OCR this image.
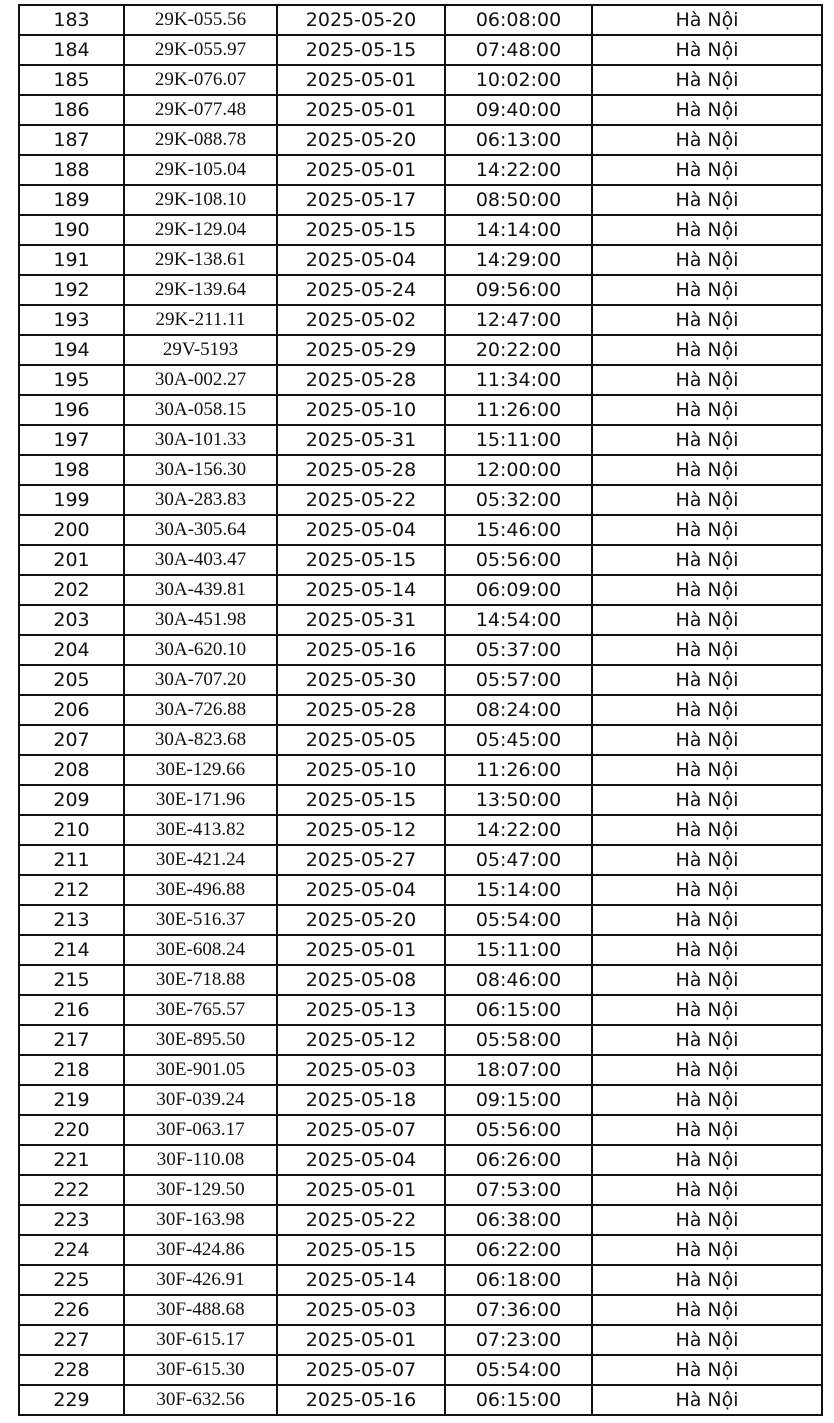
183	29K-055.56	2025-05-20	06:08:00	Hà Nội
184	29K-055.97	2025-05-15	07:48:00	Hà Nội
185	29K-076.07	2025-05-01	10:02:00	Hà Nội
186	29K-077.48	2025-05-01	09:40:00	Hà Nội
187	29K-088.78	2025-05-20	06:13:00	Hà Nội
188	29K-105.04	2025-05-01	14:22:00	Hà Nội
189	29K-108.10	2025-05-17	08:50:00	Hà Nội
190	29K-129.04	2025-05-15	14:14:00	Hà Nội
191	29K-138.61	2025-05-04	14:29:00	Hà Nội
192	29K-139.64	2025-05-24	09:56:00	Hà Nội
193	29K-211.11	2025-05-02	12:47:00	Hà Nội
194	29V-5193	2025-05-29	20:22:00	Hà Nội
195	30A-002.27	2025-05-28	11:34:00	Hà Nội
196	30A-058.15	2025-05-10	11:26:00	Hà Nội
197	30A-101.33	2025-05-31	15:11:00	Hà Nội
198	30A-156.30	2025-05-28	12:00:00	Hà Nội
199	30A-283.83	2025-05-22	05:32:00	Hà Nội
200	30A-305.64	2025-05-04	15:46:00	Hà Nội
201	30A-403.47	2025-05-15	05:56:00	Hà Nội
202	30A-439.81	2025-05-14	06:09:00	Hà Nội
203	30A-451.98	2025-05-31	14:54:00	Hà Nội
204	30A-620.10	2025-05-16	05:37:00	Hà Nội
205	30A-707.20	2025-05-30	05:57:00	Hà Nội
206	30A-726.88	2025-05-28	08:24:00	Hà Nội
207	30A-823.68	2025-05-05	05:45:00	Hà Nội
208	30E-129.66	2025-05-10	11:26:00	Hà Nội
209	30E-171.96	2025-05-15	13:50:00	Hà Nội
210	30E-413.82	2025-05-12	14:22:00	Hà Nội
211	30E-421.24	2025-05-27	05:47:00	Hà Nội
212	30E-496.88	2025-05-04	15:14:00	Hà Nội
213	30E-516.37	2025-05-20	05:54:00	Hà Nội
214	30E-608.24	2025-05-01	15:11:00	Hà Nội
215	30E-718.88	2025-05-08	08:46:00	Hà Nội
216	30E-765.57	2025-05-13	06:15:00	Hà Nội
217	30E-895.50	2025-05-12	05:58:00	Hà Nội
218	30E-901.05	2025-05-03	18:07:00	Hà Nội
219	30F-039.24	2025-05-18	09:15:00	Hà Nội
220	30F-063.17	2025-05-07	05:56:00	Hà Nội
221	30F-110.08	2025-05-04	06:26:00	Hà Nội
222	30F-129.50	2025-05-01	07:53:00	Hà Nội
223	30F-163.98	2025-05-22	06:38:00	Hà Nội
224	30F-424.86	2025-05-15	06:22:00	Hà Nội
225	30F-426.91	2025-05-14	06:18:00	Hà Nội
226	30F-488.68	2025-05-03	07:36:00	Hà Nội
227	30F-615.17	2025-05-01	07:23:00	Hà Nội
228	30F-615.30	2025-05-07	05:54:00	Hà Nội
229	30F-632.56	2025-05-16	06:15:00	Hà Nội
